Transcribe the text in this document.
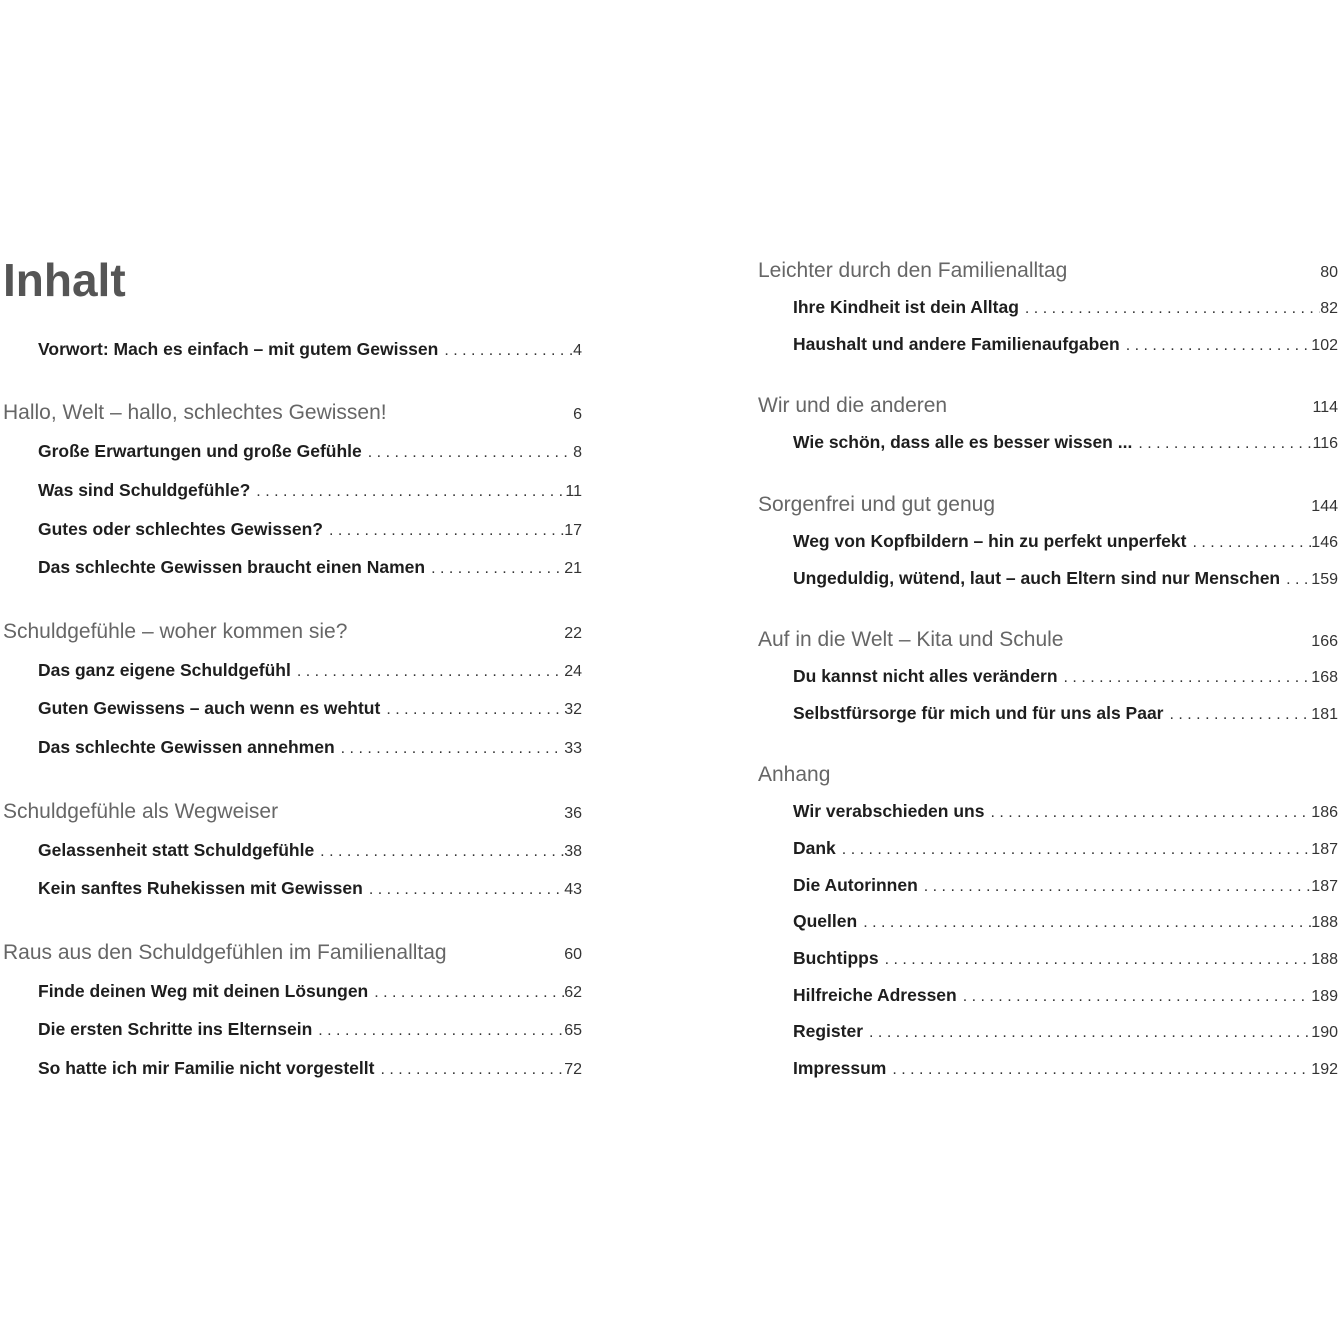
Inhalt
Vorwort: Mach es einfach – mit gutem Gewissen . . .	4
Hallo, Welt – hallo, schlechtes Gewissen!	6
Große Erwartungen und große Gefühle . . .	8
Was sind Schuldgefühle? . . .	11
Gutes oder schlechtes Gewissen? . . .	17
Das schlechte Gewissen braucht einen Namen . . .	21
Schuldgefühle – woher kommen sie?	22
Das ganz eigene Schuldgefühl . . .	24
Guten Gewissens – auch wenn es wehtut . . .	32
Das schlechte Gewissen annehmen . . .	33
Schuldgefühle als Wegweiser	36
Gelassenheit statt Schuldgefühle . . .	38
Kein sanftes Ruhekissen mit Gewissen . . .	43
Raus aus den Schuldgefühlen im Familienalltag	60
Finde deinen Weg mit deinen Lösungen . . .	62
Die ersten Schritte ins Elternsein . . .	65
So hatte ich mir Familie nicht vorgestellt . . .	72
Leichter durch den Familienalltag	80
Ihre Kindheit ist dein Alltag . . .	82
Haushalt und andere Familienaufgaben . . .	102
Wir und die anderen	114
Wie schön, dass alle es besser wissen ... . . .	116
Sorgenfrei und gut genug	144
Weg von Kopfbildern – hin zu perfekt unperfekt . . .	146
Ungeduldig, wütend, laut – auch Eltern sind nur Menschen . . . 159
Auf in die Welt – Kita und Schule	166
Du kannst nicht alles verändern . . .	168
Selbstfürsorge für mich und für uns als Paar . . .	181
Anhang
Wir verabschieden uns . . .	186
Dank . . .	187
Die Autorinnen . . .	187
Quellen . . .	188
Buchtipps . . .	188
Hilfreiche Adressen . . .	189
Register . . .	190
Impressum . . .	192
